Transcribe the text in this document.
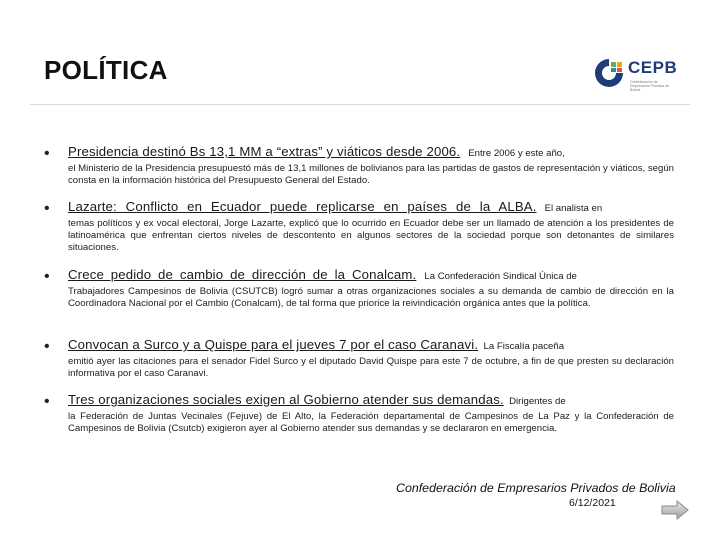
POLÍTICA	CEPB
Confederación de Empresarios Privados de Bolivia
•	Presidencia destinó Bs 13,1 MM a “extras” y viáticos desde 2006. Entre 2006 y este año,
el Ministerio de la Presidencia presupuestó más de 13,1 millones de bolivianos para las partidas de gastos de representación y viáticos, según consta en la información histórica del Presupuesto General del Estado.
•	Lazarte: Conflicto en Ecuador puede replicarse en países de la ALBA. El analista en
temas políticos y ex vocal electoral, Jorge Lazarte, explicó que lo ocurrido en Ecuador debe ser un llamado de atención a los presidentes de latinoamérica que enfrentan ciertos niveles de descontento en algunos sectores de la sociedad porque son detonantes de similares situaciones.
•	Crece pedido de cambio de dirección de la Conalcam. La Confederación Sindical Única de
Trabajadores Campesinos de Bolivia (CSUTCB) logró sumar a otras organizaciones sociales a su demanda de cambio de dirección en la Coordinadora Nacional por el Cambio (Conalcam), de tal forma que priorice la reivindicación orgánica antes que la política.
•	Convocan a Surco y a Quispe para el jueves 7 por el caso Caranavi. La Fiscalía paceña
emitió ayer las citaciones para el senador Fidel Surco y el diputado David Quispe para este 7 de octubre, a fin de que presten su declaración informativa por el caso Caranavi.
•	Tres organizaciones sociales exigen al Gobierno atender sus demandas. Dirigentes de
la Federación de Juntas Vecinales (Fejuve) de El Alto, la Federación departamental de Campesinos de La Paz y la Confederación de Campesinos de Bolivia (Csutcb) exigieron ayer al Gobierno atender sus demandas y se declararon en emergencia.
Confederación de Empresarios Privados de Bolivia
6/12/2021
